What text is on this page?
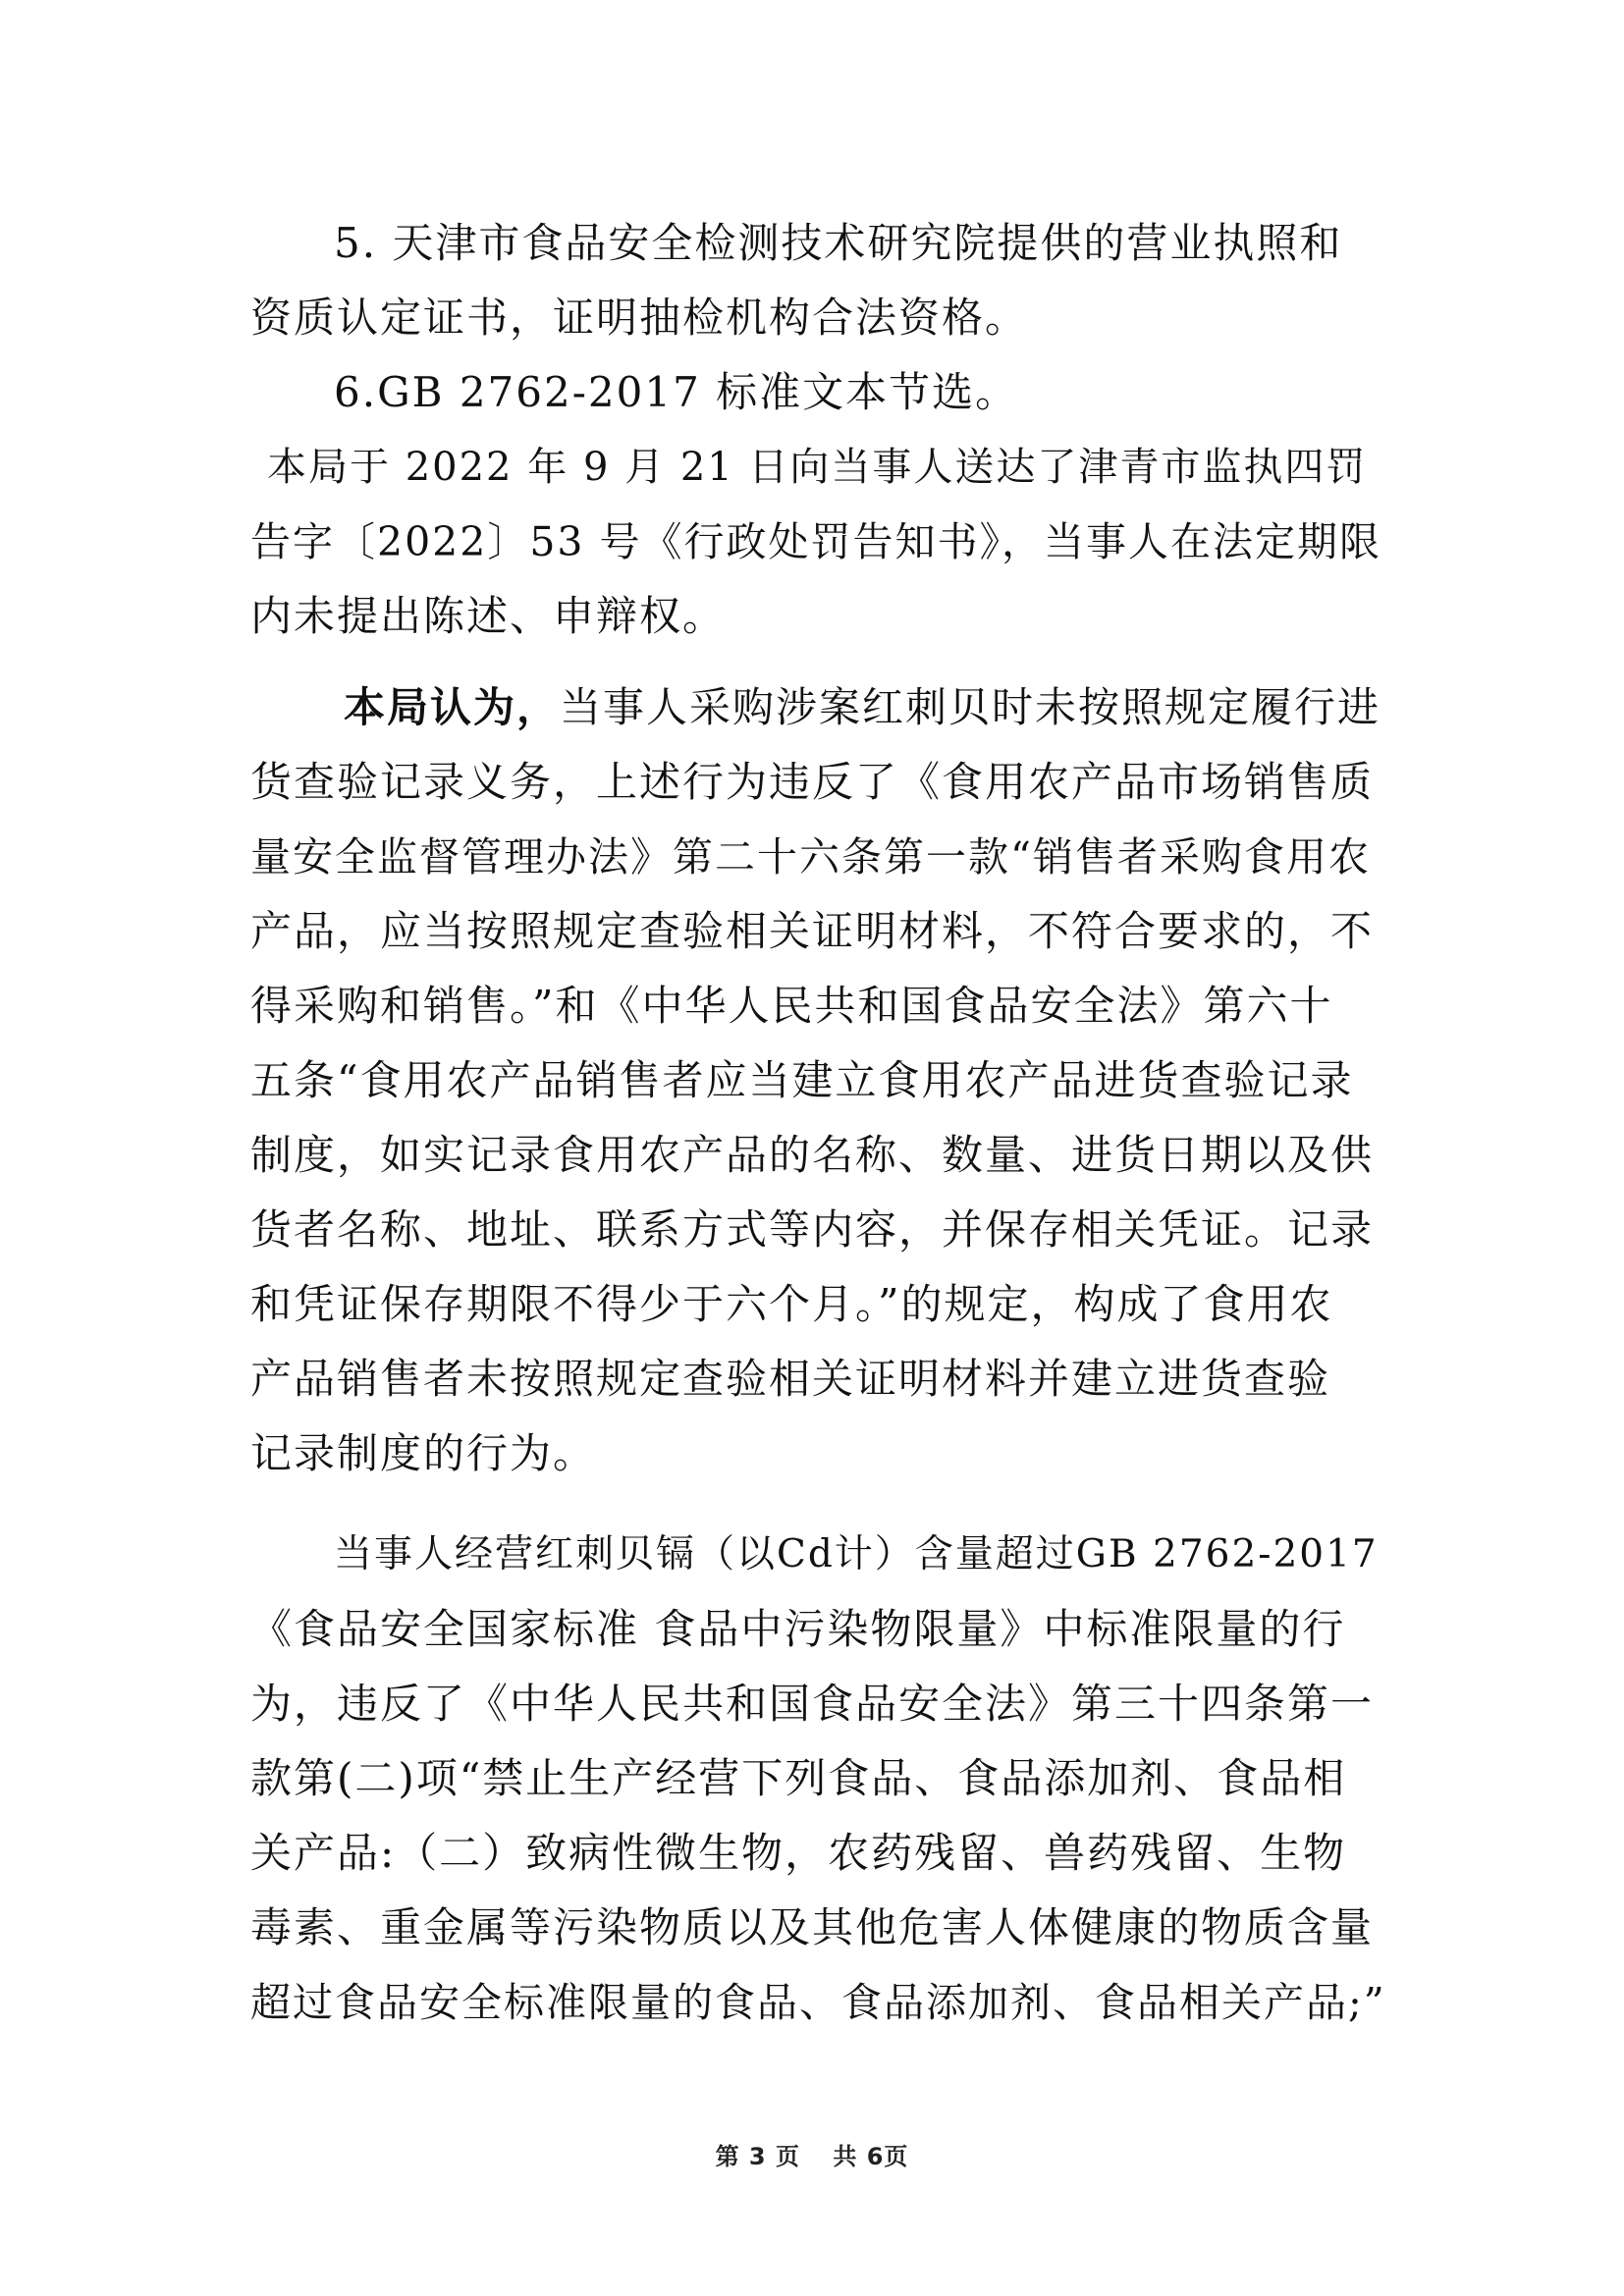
5. 天津市食品安全检测技术研究院提供的营业执照和
资质认定证书，证明抽检机构合法资格。
6.GB 2762-2017 标准文本节选。
本局于 2022 年 9 月 21 日向当事人送达了津青市监执四罚
告字〔2022〕53 号《行政处罚告知书》，当事人在法定期限
内未提出陈述、申辩权。
本局认为，当事人采购涉案红刺贝时未按照规定履行进
货查验记录义务，上述行为违反了《食用农产品市场销售质
量安全监督管理办法》第二十六条第一款“销售者采购食用农
产品，应当按照规定查验相关证明材料，不符合要求的，不
得采购和销售。”和《中华人民共和国食品安全法》第六十
五条“食用农产品销售者应当建立食用农产品进货查验记录
制度，如实记录食用农产品的名称、数量、进货日期以及供
货者名称、地址、联系方式等内容，并保存相关凭证。记录
和凭证保存期限不得少于六个月。”的规定，构成了食用农
产品销售者未按照规定查验相关证明材料并建立进货查验
记录制度的行为。
当事人经营红刺贝镉（以Cd计）含量超过GB 2762-2017
《食品安全国家标准 食品中污染物限量》中标准限量的行
为，违反了《中华人民共和国食品安全法》第三十四条第一
款第(二)项“禁止生产经营下列食品、食品添加剂、食品相
关产品:（二）致病性微生物，农药残留、兽药残留、生物
毒素、重金属等污染物质以及其他危害人体健康的物质含量
超过食品安全标准限量的食品、食品添加剂、食品相关产品;”
第 3 页 共 6页
